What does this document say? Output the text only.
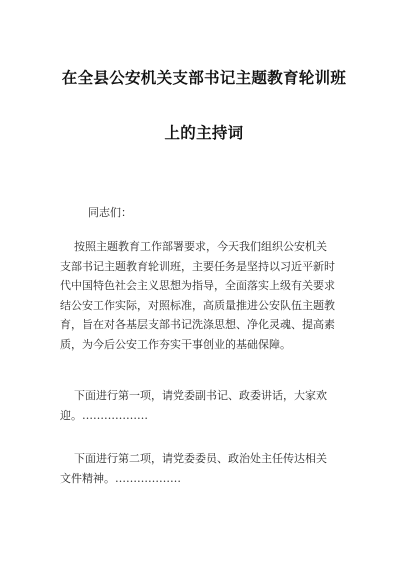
在全县公安机关支部书记主题教育轮训班
上的主持词

同志们：

按照主题教育工作部署要求，今天我们组织公安机关
支部书记主题教育轮训班，主要任务是坚持以习近平新时
代中国特色社会主义思想为指导，全面落实上级有关要求
结公安工作实际，对照标准，高质量推进公安队伍主题教
育，旨在对各基层支部书记洗涤思想、净化灵魂、提高素
质，为今后公安工作夯实干事创业的基础保障。

下面进行第一项，请党委副书记、政委讲话，大家欢
迎。………………

下面进行第二项，请党委委员、政治处主任传达相关
文件精神。………………
